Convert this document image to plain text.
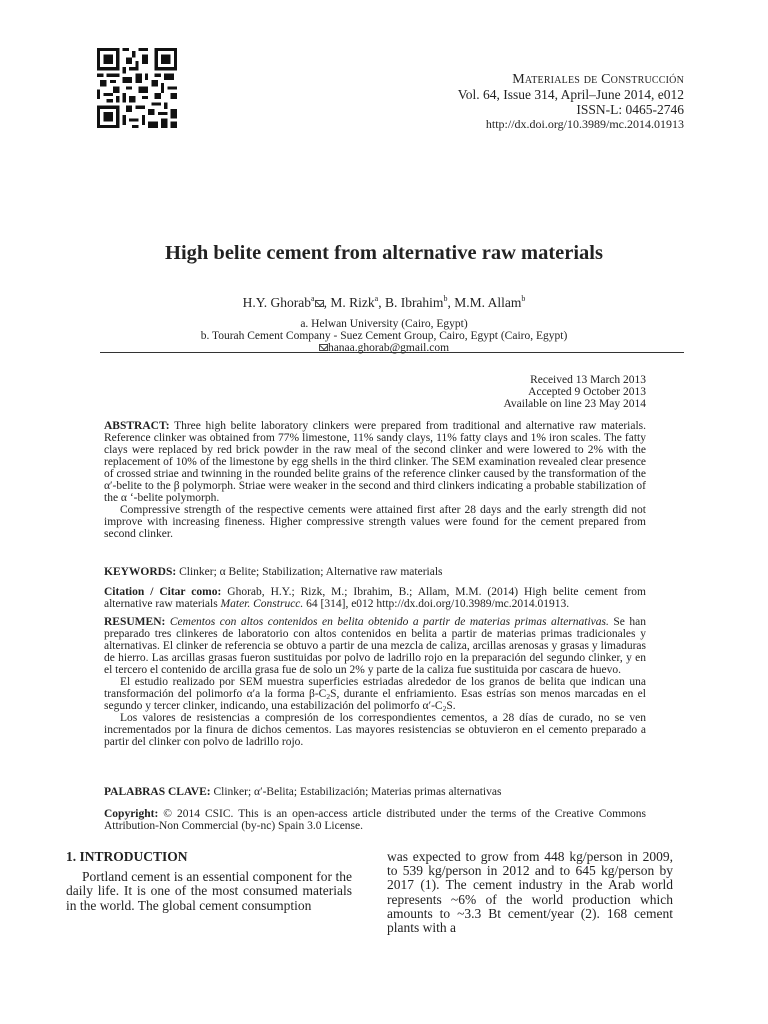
Materiales de Construcción
Vol. 64, Issue 314, April–June 2014, e012
ISSN-L: 0465-2746
http://dx.doi.org/10.3989/mc.2014.01913
High belite cement from alternative raw materials
H.Y. Ghorab$^a$ , M. Rizk$^a$, B. Ibrahim$^b$, M.M. Allam$^b$
a. Helwan University (Cairo, Egypt)
b. Tourah Cement Company - Suez Cement Group, Cairo, Egypt (Cairo, Egypt)
hanaa.ghorab@gmail.com
Received 13 March 2013
Accepted 9 October 2013
Available on line 23 May 2014

ABSTRACT: Three high belite laboratory clinkers were prepared from traditional and alternative raw materials. Reference clinker was obtained from 77% limestone, 11% sandy clays, 11% fatty clays and 1% iron scales. The fatty clays were replaced by red brick powder in the raw meal of the second clinker and were lowered to 2% with the replacement of 10% of the limestone by egg shells in the third clinker. The SEM examination revealed clear presence of crossed striae and twinning in the rounded belite grains of the reference clinker caused by the transformation of the α′-belite to the β polymorph. Striae were weaker in the second and third clinkers indicating a probable stabilization of the α ‘-belite polymorph.

Compressive strength of the respective cements were attained first after 28 days and the early strength did not improve with increasing fineness. Higher compressive strength values were found for the cement prepared from second clinker.

KEYWORDS: Clinker; α Belite; Stabilization; Alternative raw materials

Citation / Citar como: Ghorab, H.Y.; Rizk, M.; Ibrahim, B.; Allam, M.M. (2014) High belite cement from alternative raw materials Mater. Construcc. 64 [314], e012 http://dx.doi.org/10.3989/mc.2014.01913.

RESUMEN: Cementos con altos contenidos en belita obtenido a partir de materias primas alternativas. Se han preparado tres clinkeres de laboratorio con altos contenidos en belita a partir de materias primas tradicionales y alternativas. El clinker de referencia se obtuvo a partir de una mezcla de caliza, arcillas arenosas y grasas y limaduras de hierro. Las arcillas grasas fueron sustituidas por polvo de ladrillo rojo en la preparación del segundo clinker, y en el tercero el contenido de arcilla grasa fue de solo un 2% y parte de la caliza fue sustituida por cascara de huevo.

El estudio realizado por SEM muestra superficies estriadas alrededor de los granos de belita que indican una transformación del polimorfo α′a la forma $\beta-C_2S$, durante el enfriamiento. Esas estrías son menos marcadas en el segundo y tercer clinker, indicando, una estabilización del polimorfo $\alpha'-C_2S$.

Los valores de resistencias a compresión de los correspondientes cementos, a 28 días de curado, no se ven incrementados por la finura de dichos cementos. Las mayores resistencias se obtuvieron en el cemento preparado a partir del clinker con polvo de ladrillo rojo.

PALABRAS CLAVE: Clinker; α′-Belita; Estabilización; Materias primas alternativas

Copyright: © 2014 CSIC. This is an open-access article distributed under the terms of the Creative Commons Attribution-Non Commercial (by-nc) Spain 3.0 License.

1. INTRODUCTION

Portland cement is an essential component for the daily life. It is one of the most consumed materials in the world. The global cement consumption

was expected to grow from 448 kg/person in 2009, to 539 kg/person in 2012 and to 645 kg/person by 2017 (1). The cement industry in the Arab world represents ~6% of the world production which amounts to ~3.3 Bt cement/year (2). 168 cement plants with a
